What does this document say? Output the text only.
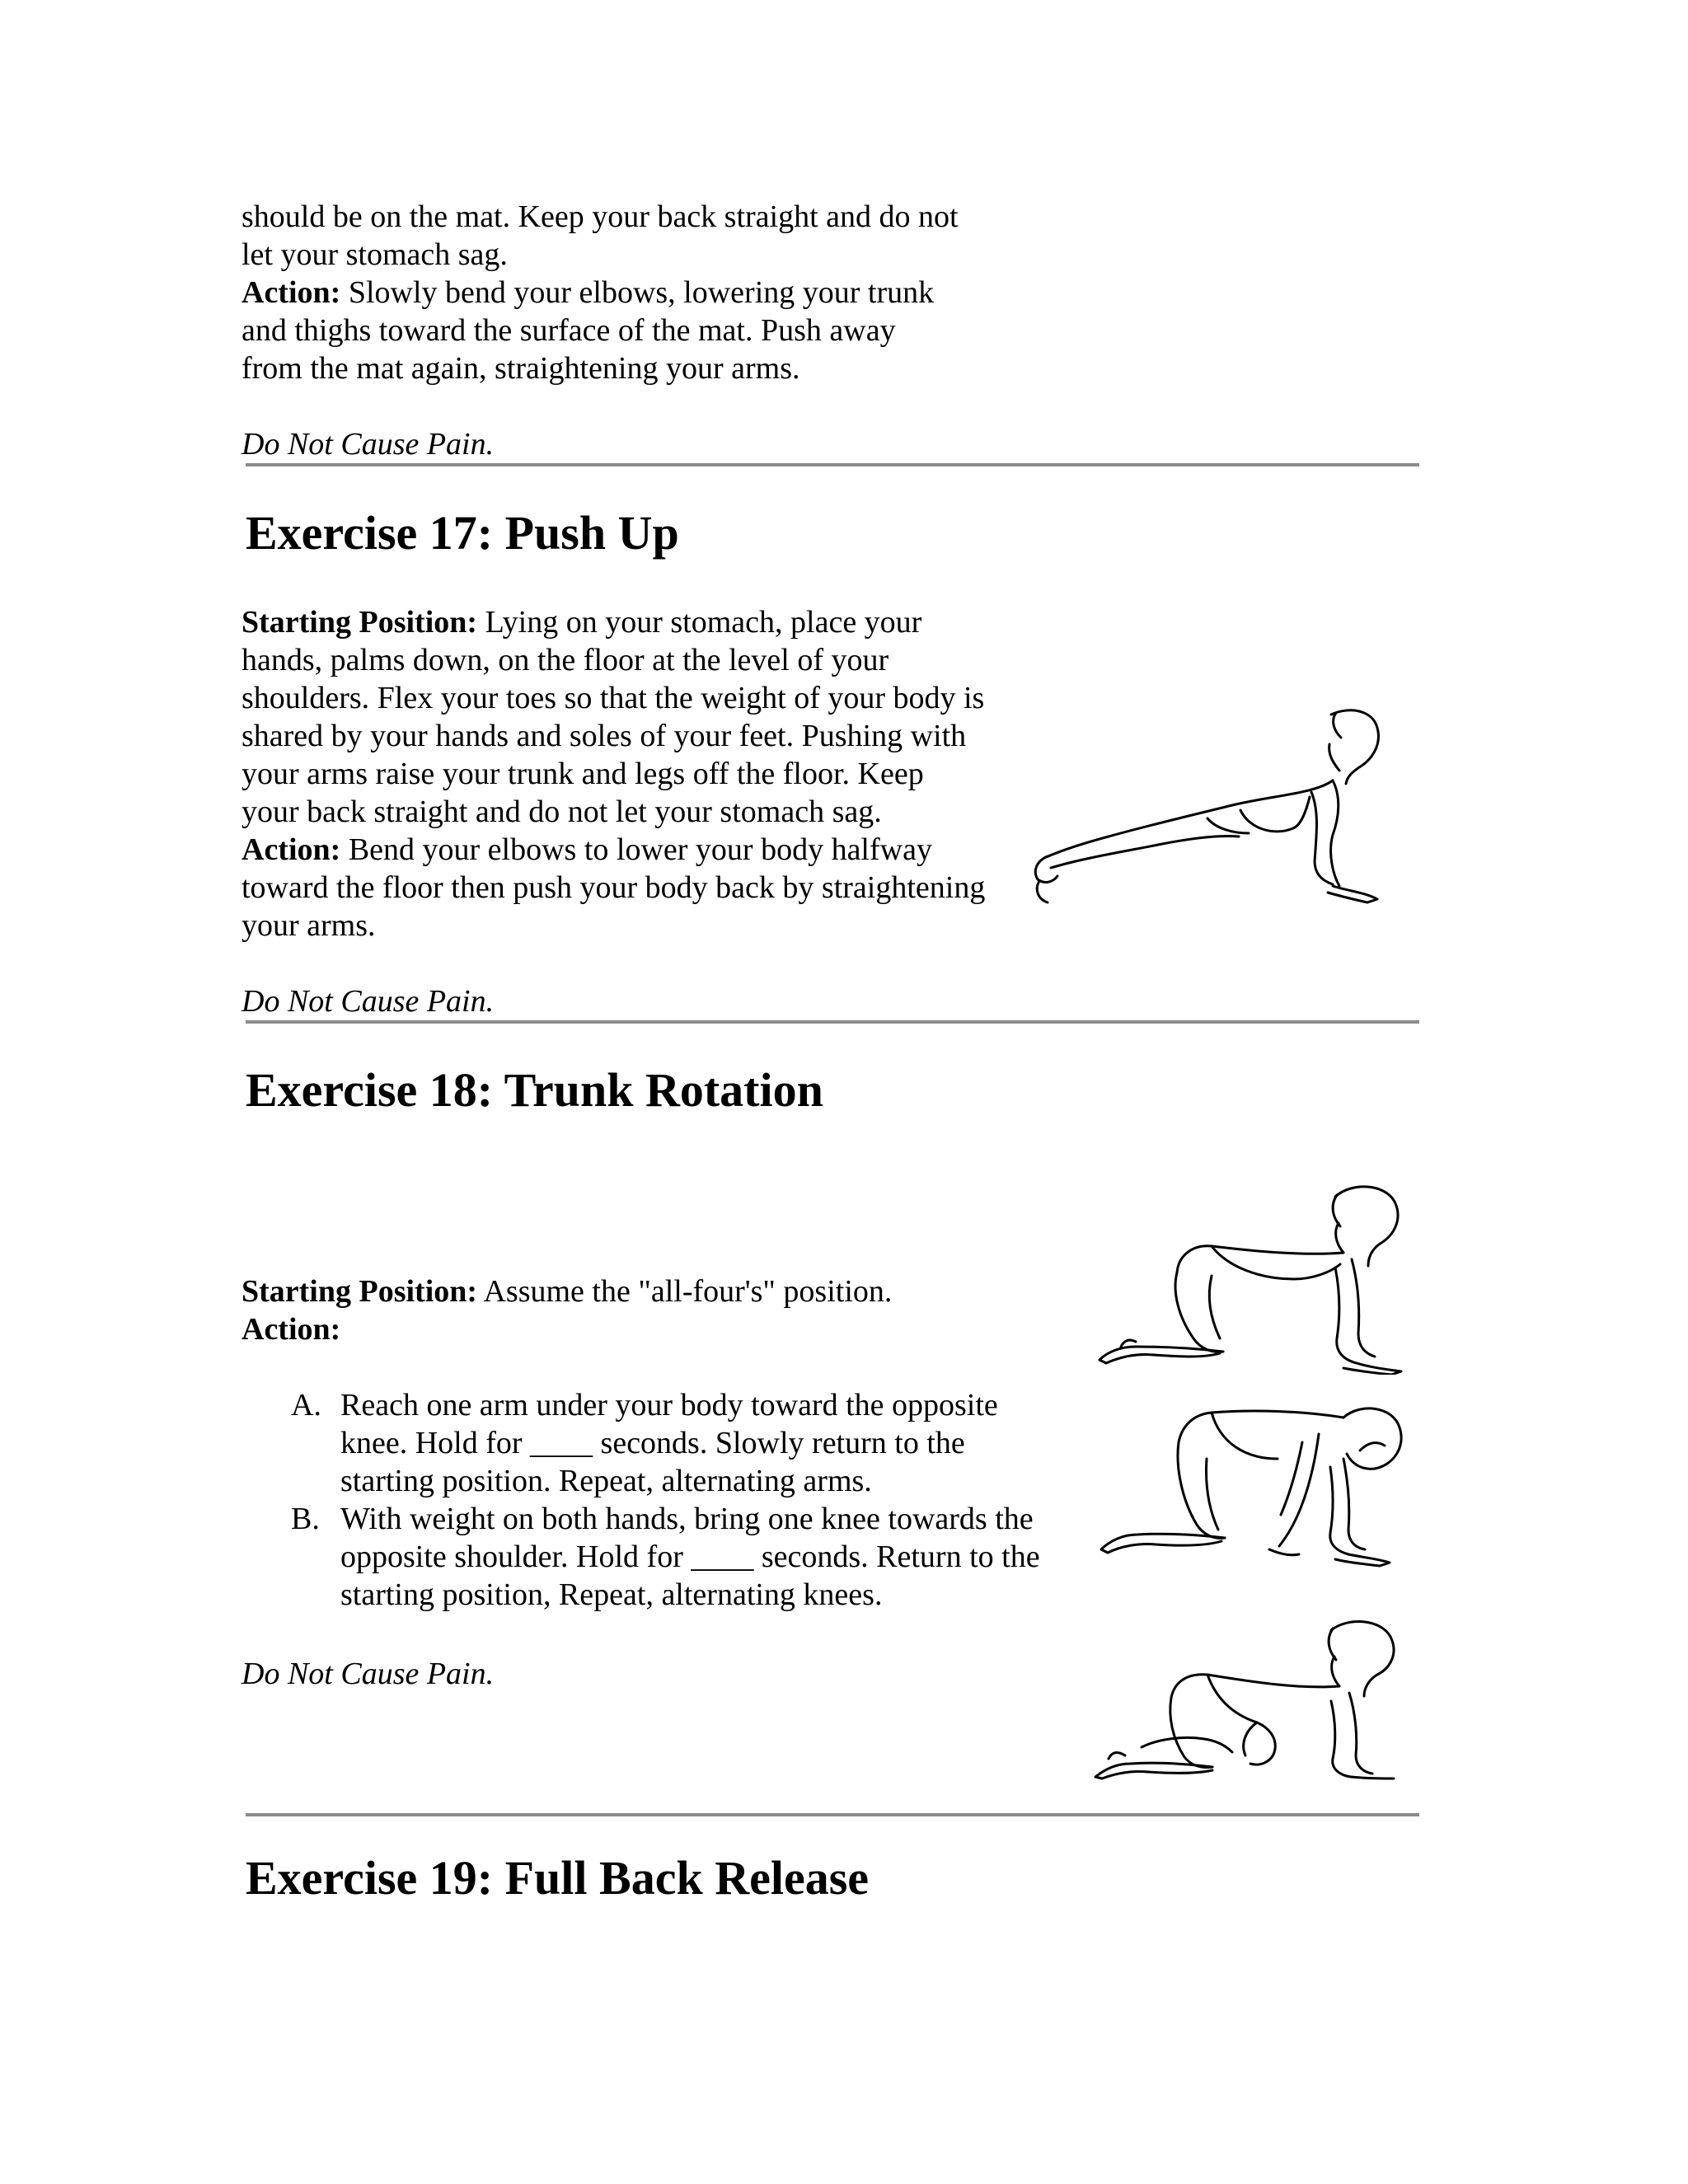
should be on the mat. Keep your back straight and do not
let your stomach sag.
Action: Slowly bend your elbows, lowering your trunk
and thighs toward the surface of the mat. Push away
from the mat again, straightening your arms.
Do Not Cause Pain.
Exercise 17: Push Up
Starting Position: Lying on your stomach, place your
hands, palms down, on the floor at the level of your
shoulders. Flex your toes so that the weight of your body is
shared by your hands and soles of your feet. Pushing with
your arms raise your trunk and legs off the floor. Keep
your back straight and do not let your stomach sag.
Action: Bend your elbows to lower your body halfway
toward the floor then push your body back by straightening
your arms.
Do Not Cause Pain.
Exercise 18: Trunk Rotation
Starting Position: Assume the "all-four's" position.
Action:
A. Reach one arm under your body toward the opposite
knee. Hold for ____ seconds. Slowly return to the
starting position. Repeat, alternating arms.
B. With weight on both hands, bring one knee towards the
opposite shoulder. Hold for ____ seconds. Return to the
starting position, Repeat, alternating knees.
Do Not Cause Pain.
Exercise 19: Full Back Release
